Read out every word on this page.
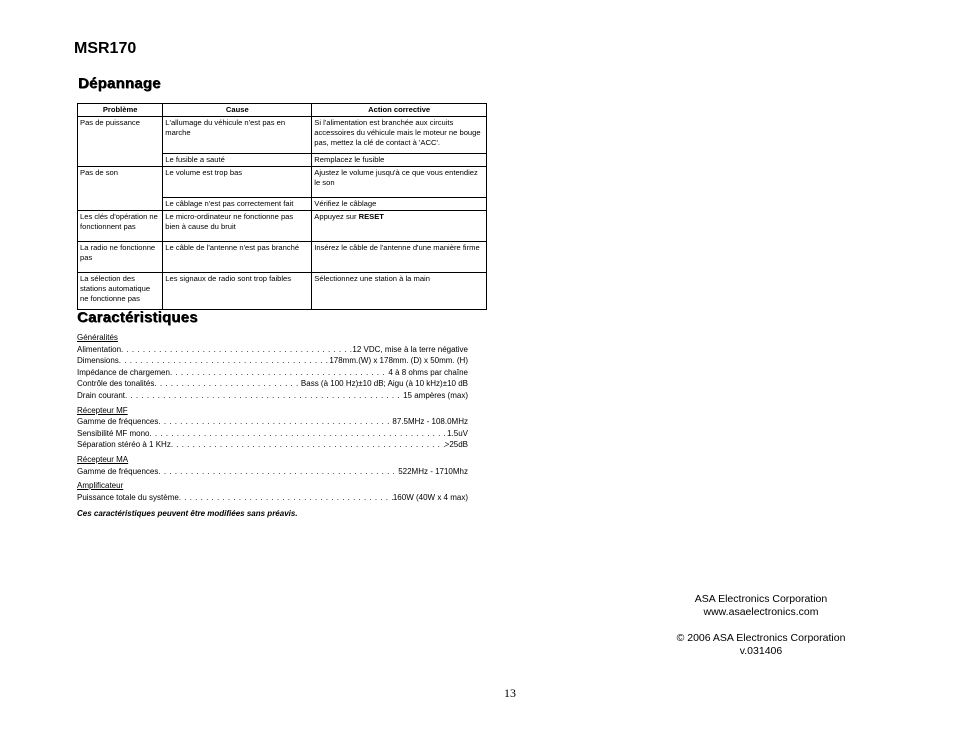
MSR170
Dépannage
Problème	Cause	Action corrective
Pas de puissance	L'allumage du véhicule n'est pas en marche	Si l'alimentation est branchée aux circuits accessoires du véhicule mais le moteur ne bouge pas, mettez la clé de contact à 'ACC'.
	Le fusible a sauté	Remplacez le fusible
Pas de son	Le volume est trop bas	Ajustez le volume jusqu'à ce que vous entendiez le son
	Le câblage n'est pas correctement fait	Vérifiez le câblage
Les clés d'opération ne fonctionnent pas	Le micro-ordinateur ne fonctionne pas bien à cause du bruit	Appuyez sur RESET
La radio ne fonctionne pas	Le câble de l'antenne n'est pas branché	Insérez le câble de l'antenne d'une manière firme
La sélection des stations automatique ne fonctionne pas	Les signaux de radio sont trop faibles	Sélectionnez une station à la main
Caractéristiques
Généralités
Alimentation . . .	12 VDC, mise à la terre négative
Dimensions . . .	178mm.(W) x 178mm. (D) x 50mm. (H)
Impédance de chargemen . . .	4 à 8 ohms par chaîne
Contrôle des tonalités . . .	Bass (à 100 Hz)±10 dB; Aigu (à 10 kHz)±10 dB
Drain courant . . .	15 ampères (max)
Récepteur MF
Gamme de fréquences . . .	87.5MHz - 108.0MHz
Sensibilité MF mono . . .	1.5uV
Séparation stéréo à 1 KHz . . .	>25dB
Récepteur MA
Gamme de fréquences . . .	522MHz - 1710Mhz
Amplificateur
Puissance totale du système . . .	160W (40W x 4 max)
Ces caractéristiques peuvent être modifiées sans préavis.
ASA Electronics Corporation
www.asaelectronics.com
© 2006 ASA Electronics Corporation
v.031406
13
